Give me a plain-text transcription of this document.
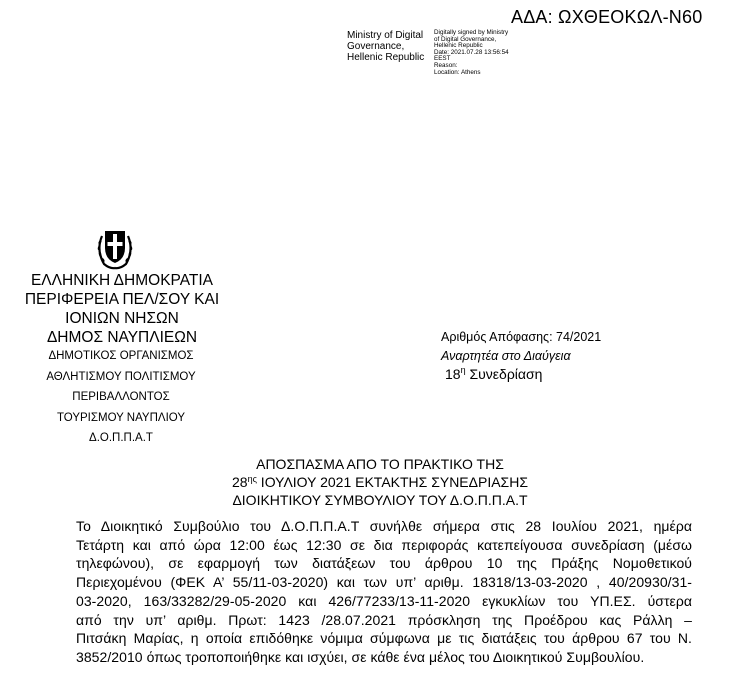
ΑΔΑ: ΩΧΘΕΟΚΩΛ-Ν60
Ministry of Digital
Governance,
Hellenic Republic
Digitally signed by Ministry
of Digital Governance,
Hellenic Republic
Date: 2021.07.28 13:56:54
EEST
Reason:
Location: Athens
ΕΛΛΗΝΙΚΗ ΔΗΜΟΚΡΑΤΙΑ
ΠΕΡΙΦΕΡΕΙΑ ΠΕΛ/ΣΟΥ ΚΑΙ
ΙΟΝΙΩΝ ΝΗΣΩΝ
ΔΗΜΟΣ ΝΑΥΠΛΙΕΩΝ
ΔΗΜΟΤΙΚΟΣ ΟΡΓΑΝΙΣΜΟΣ
ΑΘΛΗΤΙΣΜΟΥ ΠΟΛΙΤΙΣΜΟΥ
ΠΕΡΙΒΑΛΛΟΝΤΟΣ
ΤΟΥΡΙΣΜΟΥ ΝΑΥΠΛΙΟΥ
Δ.Ο.Π.Π.Α.Τ
Αριθμός Απόφασης: 74/2021
Αναρτητέα στο Διαύγεια
$18^\eta$ Συνεδρίαση
ΑΠΟΣΠΑΣΜΑ ΑΠΟ ΤΟ ΠΡΑΚΤΙΚΟ ΤΗΣ
$28^{\eta\varsigma}$ ΙΟΥΛΙΟΥ 2021 ΕΚΤΑΚΤΗΣ ΣΥΝΕΔΡΙΑΣΗΣ
ΔΙΟΙΚΗΤΙΚΟΥ ΣΥΜΒΟΥΛΙΟΥ ΤΟΥ Δ.Ο.Π.Π.Α.Τ
Το Διοικητικό Συμβούλιο του Δ.Ο.Π.Π.Α.Τ συνήλθε σήμερα στις 28 Ιουλίου 2021, ημέρα
Τετάρτη και από ώρα 12:00 έως 12:30 σε δια περιφοράς κατεπείγουσα συνεδρίαση (μέσω
τηλεφώνου), σε εφαρμογή των διατάξεων του άρθρου 10 της Πράξης Νομοθετικού
Περιεχομένου (ΦΕΚ Α’ 55/11-03-2020) και των υπ’ αριθμ. 18318/13-03-2020 , 40/20930/31-
03-2020, 163/33282/29-05-2020 και 426/77233/13-11-2020 εγκυκλίων του ΥΠ.ΕΣ. ύστερα
από την υπ’ αριθμ. Πρωτ: 1423 /28.07.2021 πρόσκληση της Προέδρου κας Ράλλη –
Πιτσάκη Μαρίας, η οποία επιδόθηκε νόμιμα σύμφωνα με τις διατάξεις του άρθρου 67 του Ν.
3852/2010 όπως τροποποιήθηκε και ισχύει, σε κάθε ένα μέλος του Διοικητικού Συμβουλίου.
